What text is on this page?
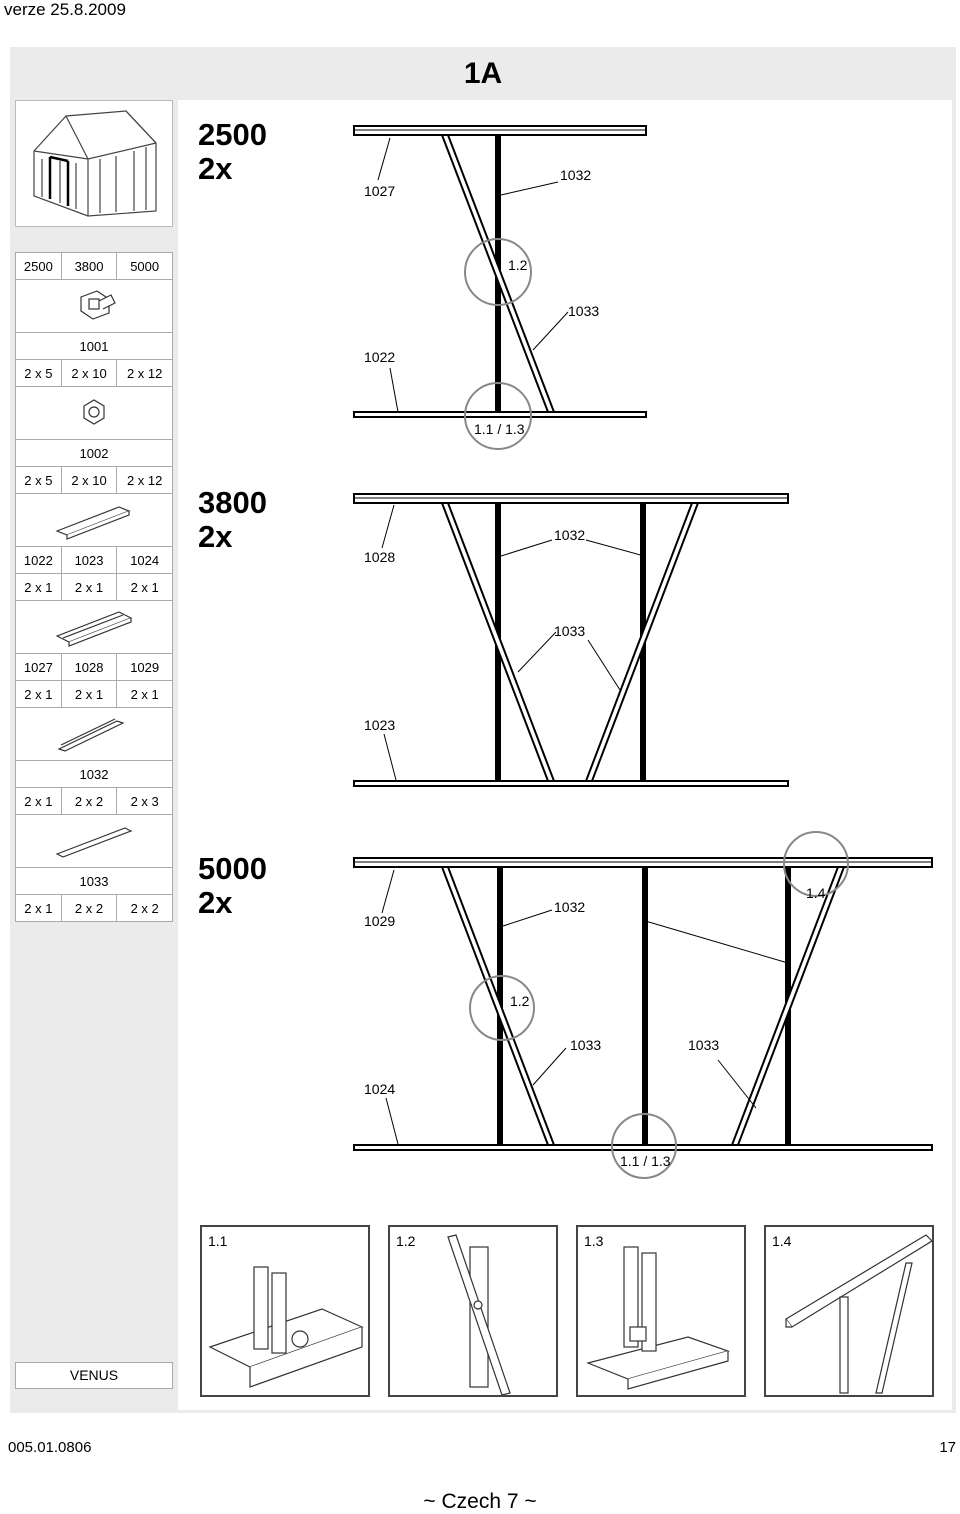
verze 25.8.2009
1A
2500	3800	5000

1001		
2 x 5	2 x 10	2 x 12

1002		
2 x 5	2 x 10	2 x 12

1022	1023	1024
2 x 1	2 x 1	2 x 1

1027	1028	1029
2 x 1	2 x 1	2 x 1

1032		
2 x 1	2 x 2	2 x 3

1033		
2 x 1	2 x 2	2 x 2
VENUS
2500
2x
1027
1032
1.2
1033
1022
1.1 / 1.3
1028
1032
1033
1023
1.4
1029
1032
1.2
1033	1033
1024
1.1 / 1.3
3800
2x
5000
2x
1.1	1.2	1.3	1.4
005.01.0806	17
~ Czech 7 ~
